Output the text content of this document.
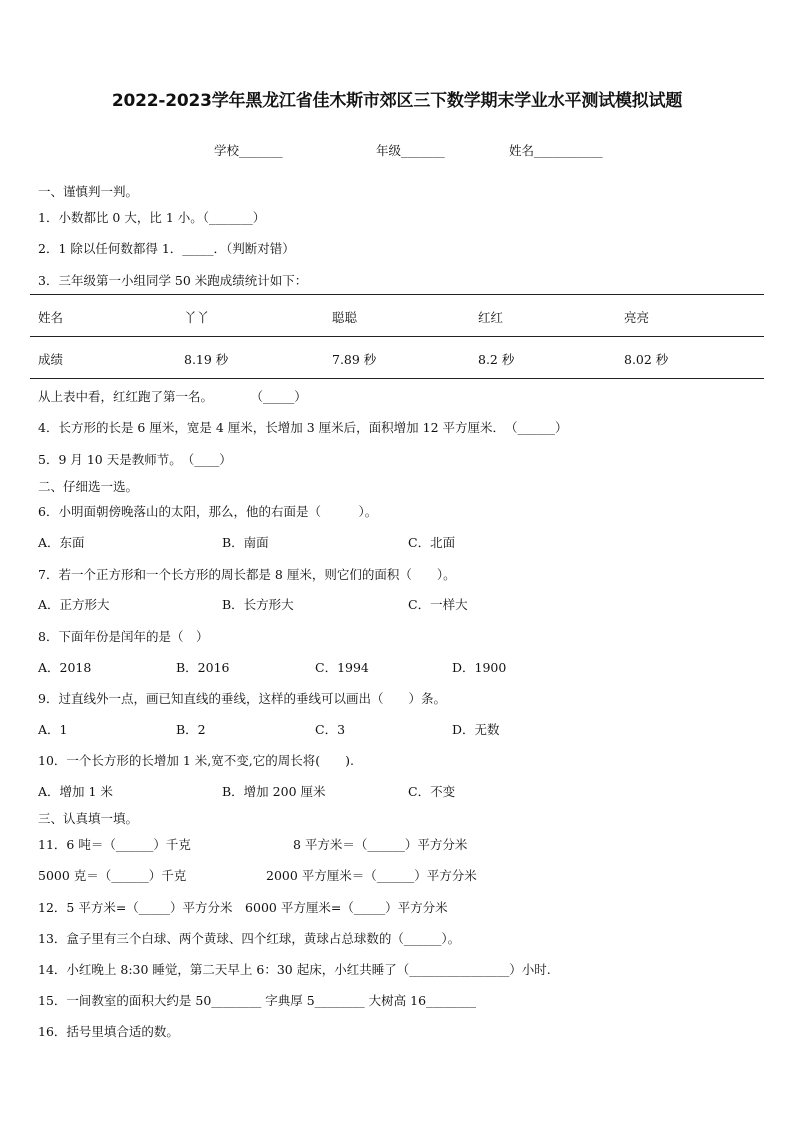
2022-2023学年黑龙江省佳木斯市郊区三下数学期末学业水平测试模拟试题
学校_______	年级_______	姓名___________
一、谨慎判一判。
1．小数都比 0 大，比 1 小。（_______）
2．1 除以任何数都得 1．_____．（判断对错）
3．三年级第一小组同学 50 米跑成绩统计如下：
姓名	丫丫	聪聪	红红	亮亮
成绩	8.19 秒	7.89 秒	8.2 秒	8.02 秒
从上表中看，红红跑了第一名。　　　　（_____）
4．长方形的长是 6 厘米，宽是 4 厘米，长增加 3 厘米后，面积增加 12 平方厘米．　（______）
5．9 月 10 天是教师节。　（____）
二、仔细选一选。
6．小明面朝傍晚落山的太阳，那么，他的右面是（　　　）。
A．东面	B．南面	C．北面
7．若一个正方形和一个长方形的周长都是 8 厘米，则它们的面积（　　）。
A．正方形大	B．长方形大	C．一样大
8．下面年份是闰年的是（　）
A．2018	B．2016	C．1994	D．1900
9．过直线外一点，画已知直线的垂线，这样的垂线可以画出（　　）条。
A．1	B．2	C．3	D．无数
10．一个长方形的长增加 1 米,宽不变,它的周长将(　　).
A．增加 1 米	B．增加 200 厘米	C．不变
三、认真填一填。
11．6 吨＝（______）千克	8 平方米＝（______）平方分米
5000 克＝（______）千克	2000 平方厘米＝（______）平方分米
12．5 平方米=（_____）平方分米　6000 平方厘米=（_____）平方分米
13．盒子里有三个白球、两个黄球、四个红球，黄球占总球数的（______）。
14．小红晚上 8:30 睡觉，第二天早上 6：30 起床，小红共睡了（________________）小时.
15．一间教室的面积大约是 50________ 字典厚 5________ 大树高 16________
16．括号里填合适的数。
